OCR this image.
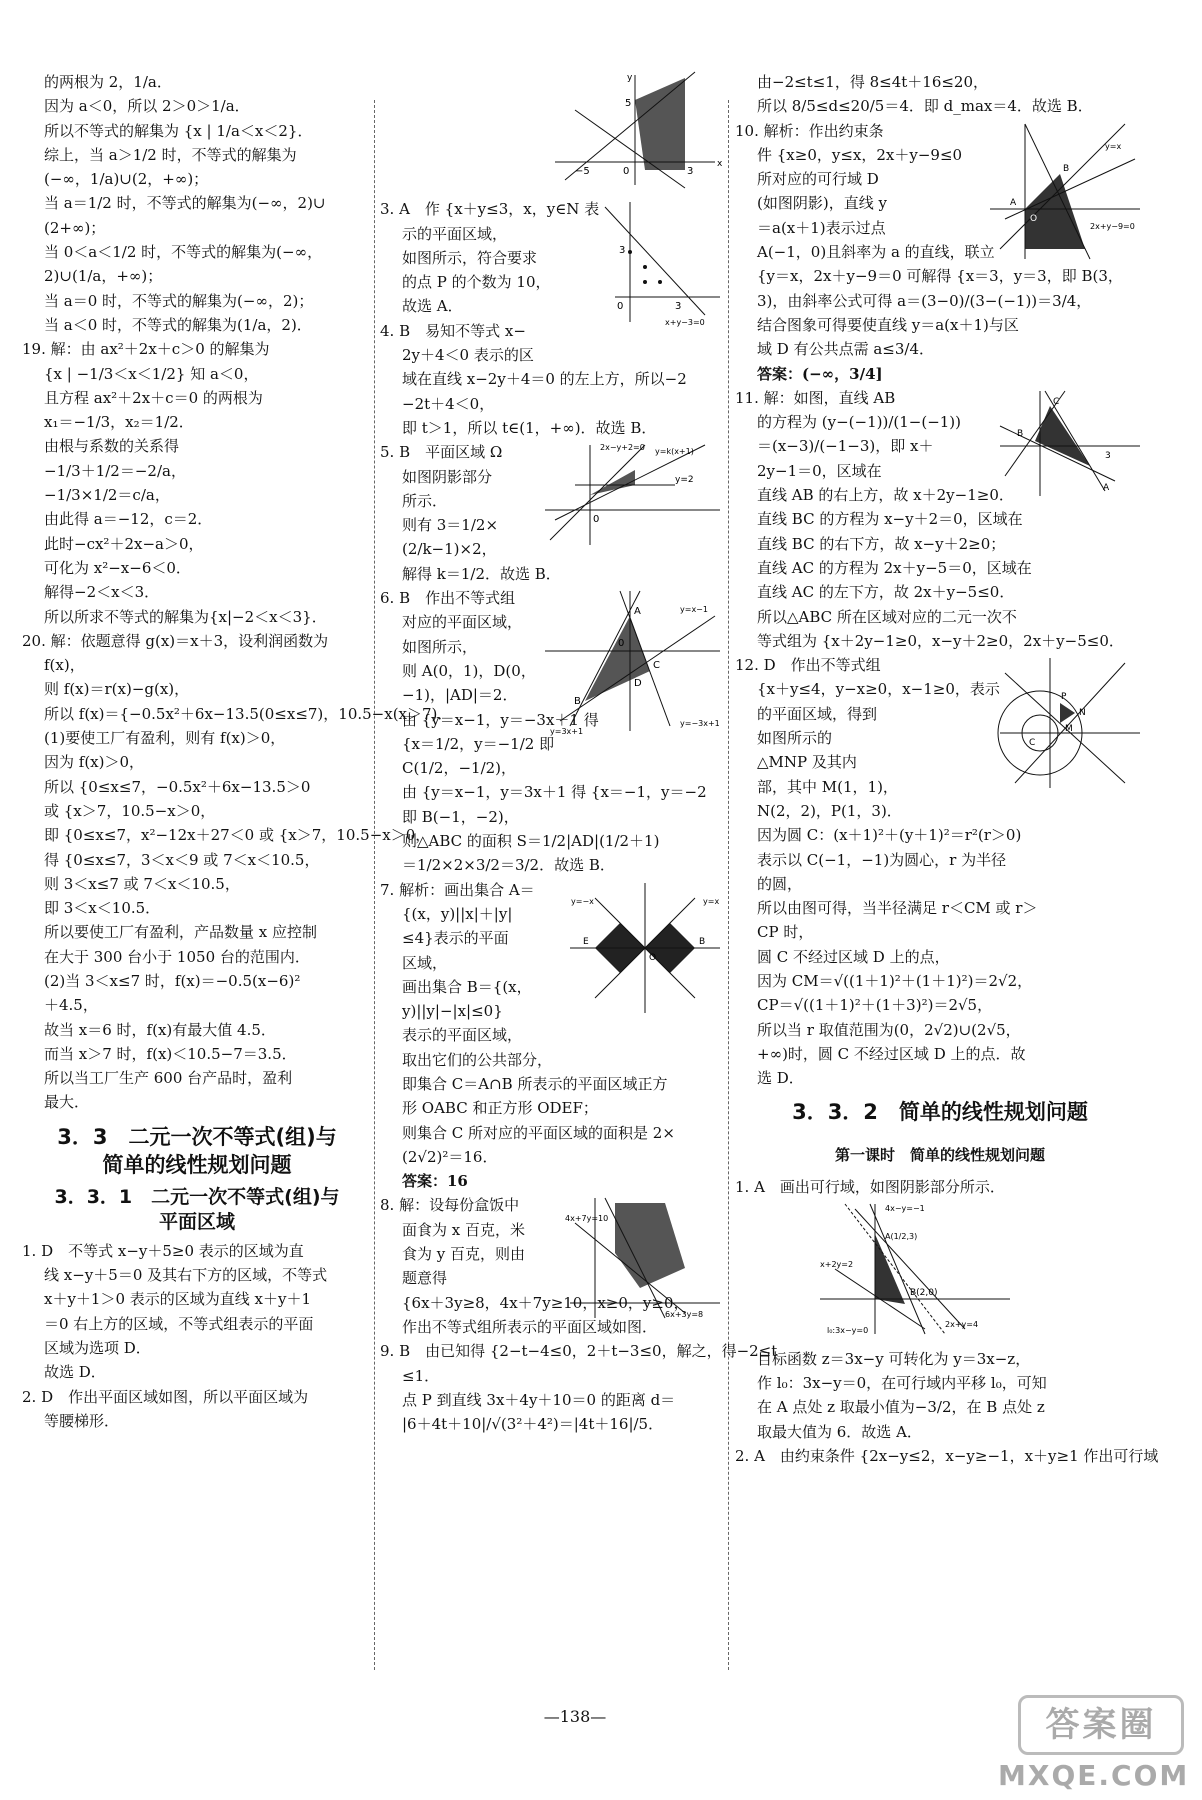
的两根为 2，1/a．
因为 a＜0，所以 2＞0＞1/a．
所以不等式的解集为 {x | 1/a＜x＜2}．
综上，当 a＞1/2 时，不等式的解集为
(−∞，1/a)∪(2，+∞)；
当 a＝1/2 时，不等式的解集为(−∞，2)∪
(2+∞)；
当 0＜a＜1/2 时，不等式的解集为(−∞，
2)∪(1/a，+∞)；
当 a＝0 时，不等式的解集为(−∞，2)；
当 a＜0 时，不等式的解集为(1/a，2)．
19. 解：由 ax²＋2x＋c＞0 的解集为
{x | −1/3＜x＜1/2} 知 a＜0，
且方程 ax²＋2x＋c＝0 的两根为
x₁＝−1/3，x₂＝1/2．
由根与系数的关系得
−1/3＋1/2＝−2/a，
−1/3×1/2＝c/a，
由此得 a＝−12，c＝2．
此时−cx²＋2x−a＞0，
可化为 x²−x−6＜0．
解得−2＜x＜3．
所以所求不等式的解集为{x|−2＜x＜3}．
20. 解：依题意得 g(x)＝x＋3，设利润函数为
f(x)，
则 f(x)＝r(x)−g(x)，
所以 f(x)＝{−0.5x²＋6x−13.5(0≤x≤7)，10.5−x(x＞7)．
(1)要使工厂有盈利，则有 f(x)＞0，
因为 f(x)＞0，
所以 {0≤x≤7，−0.5x²＋6x−13.5＞0
或 {x＞7，10.5−x＞0，
即 {0≤x≤7，x²−12x＋27＜0 或 {x＞7，10.5−x＞0，
得 {0≤x≤7，3＜x＜9 或 7＜x＜10.5，
则 3＜x≤7 或 7＜x＜10.5，
即 3＜x＜10.5．
所以要使工厂有盈利，产品数量 x 应控制
在大于 300 台小于 1050 台的范围内．
(2)当 3＜x≤7 时，f(x)＝−0.5(x−6)²
＋4.5，
故当 x＝6 时，f(x)有最大值 4.5．
而当 x＞7 时，f(x)＜10.5−7＝3.5．
所以当工厂生产 600 台产品时，盈利
最大．
3．3　二元一次不等式(组)与
简单的线性规划问题
3．3．1　二元一次不等式(组)与
平面区域
1. D　不等式 x−y＋5≥0 表示的区域为直
线 x−y＋5＝0 及其右下方的区域，不等式
x＋y＋1＞0 表示的区域为直线 x＋y＋1
＝0 右上方的区域，不等式组表示的平面
区域为选项 D．
故选 D．
2. D　作出平面区域如图，所以平面区域为
等腰梯形．
0	3
−5
5
x
y
0	3
3
x+y−3=0
3. A　作 {x＋y≤3，x，y∈N 表
示的平面区域，
如图所示，符合要求
的点 P 的个数为 10，
故选 A．
4. B　易知不等式 x−
2y＋4＜0 表示的区
域在直线 x−2y＋4＝0 的左上方，所以−2
−2t＋4＜0，
即 t＞1，所以 t∈(1，+∞)．故选 B．
0
y=2
2x−y+2=0 y=k(x+1)
5. B　平面区域 Ω
如图阴影部分
所示．
则有 3＝1/2×
(2/k−1)×2，
解得 k＝1/2．故选 B．
A
B
C
D
0
y=x−1
y=−3x+1
y=3x+1
6. B　作出不等式组
对应的平面区域，
如图所示，
则 A(0，1)，D(0，
−1)，|AD|＝2．
由 {y＝x−1，y＝−3x＋1 得
{x＝1/2，y＝−1/2 即
C(1/2，−1/2)，
由 {y＝x−1，y＝3x＋1 得 {x＝−1，y＝−2
即 B(−1，−2)，
则△ABC 的面积 S＝1/2|AD|(1/2＋1)
＝1/2×2×3/2＝3/2．故选 B．
O
E	B
y=x
y=−x
7. 解析：画出集合 A＝
{(x，y)||x|＋|y|
≤4}表示的平面
区域，
画出集合 B＝{(x，
y)||y|−|x|≤0}
表示的平面区域，
取出它们的公共部分，
即集合 C＝A∩B 所表示的平面区域正方
形 OABC 和正方形 ODEF；
则集合 C 所对应的平面区域的面积是 2×
(2√2)²＝16．
答案：16
4x+7y=10
6x+3y=8
8. 解：设每份盒饭中
面食为 x 百克，米
食为 y 百克，则由
题意得
{6x＋3y≥8，4x＋7y≥10，x≥0，y≥0，
作出不等式组所表示的平面区域如图．
9. B　由已知得 {2−t−4≤0，2＋t−3≤0，解之，得−2≤t
≤1．
点 P 到直线 3x＋4y＋10＝0 的距离 d＝
|6＋4t＋10|/√(3²＋4²)＝|4t＋16|/5．
由−2≤t≤1，得 8≤4t＋16≤20，
所以 8/5≤d≤20/5＝4．即 d_max＝4．故选 B．
A
B
O
y=x
2x+y−9=0
10. 解析：作出约束条
件 {x≥0，y≤x，2x＋y−9≤0
所对应的可行域 D
(如图阴影)，直线 y
＝a(x＋1)表示过点
A(−1，0)且斜率为 a 的直线，联立
{y＝x，2x＋y−9＝0 可解得 {x＝3，y＝3，即 B(3，
3)，由斜率公式可得 a＝(3−0)/(3−(−1))＝3/4，
结合图象可得要使直线 y＝a(x＋1)与区
域 D 有公共点需 a≤3/4．
答案：(−∞，3/4]
C
B
A
3
11. 解：如图，直线 AB
的方程为 (y−(−1))/(1−(−1))
＝(x−3)/(−1−3)，即 x＋
2y−1＝0，区域在
直线 AB 的右上方，故 x＋2y−1≥0．
直线 BC 的方程为 x−y＋2＝0，区域在
直线 BC 的右下方，故 x−y＋2≥0；
直线 AC 的方程为 2x＋y−5＝0，区域在
直线 AC 的左下方，故 2x＋y−5≤0．
所以△ABC 所在区域对应的二元一次不
等式组为 {x＋2y−1≥0，x−y＋2≥0，2x＋y−5≤0．
P
N
M
C
12. D　作出不等式组
{x＋y≤4，y−x≥0，x−1≥0，表示
的平面区域，得到
如图所示的
△MNP 及其内
部，其中 M(1，1)，
N(2，2)，P(1，3)．
因为圆 C：(x＋1)²＋(y＋1)²＝r²(r＞0)
表示以 C(−1，−1)为圆心，r 为半径
的圆，
所以由图可得，当半径满足 r＜CM 或 r＞
CP 时，
圆 C 不经过区域 D 上的点，
因为 CM＝√((1＋1)²＋(1＋1)²)＝2√2，
CP＝√((1＋1)²＋(1＋3)²)＝2√5，
所以当 r 取值范围为(0，2√2)∪(2√5，
+∞)时，圆 C 不经过区域 D 上的点．故
选 D．
3．3．2　简单的线性规划问题
第一课时　简单的线性规划问题
1. A　画出可行域，如图阴影部分所示．
B(2,0)
A(1/2,3)
x+2y=2
4x−y=−1
2x+y=4
l₀:3x−y=0
目标函数 z＝3x−y 可转化为 y＝3x−z，
作 l₀：3x−y＝0，在可行域内平移 l₀，可知
在 A 点处 z 取最小值为−3/2，在 B 点处 z
取最大值为 6．故选 A．
2. A　由约束条件 {2x−y≤2，x−y≥−1，x＋y≥1 作出可行域
—138—	答案圈
MXQE.COM
